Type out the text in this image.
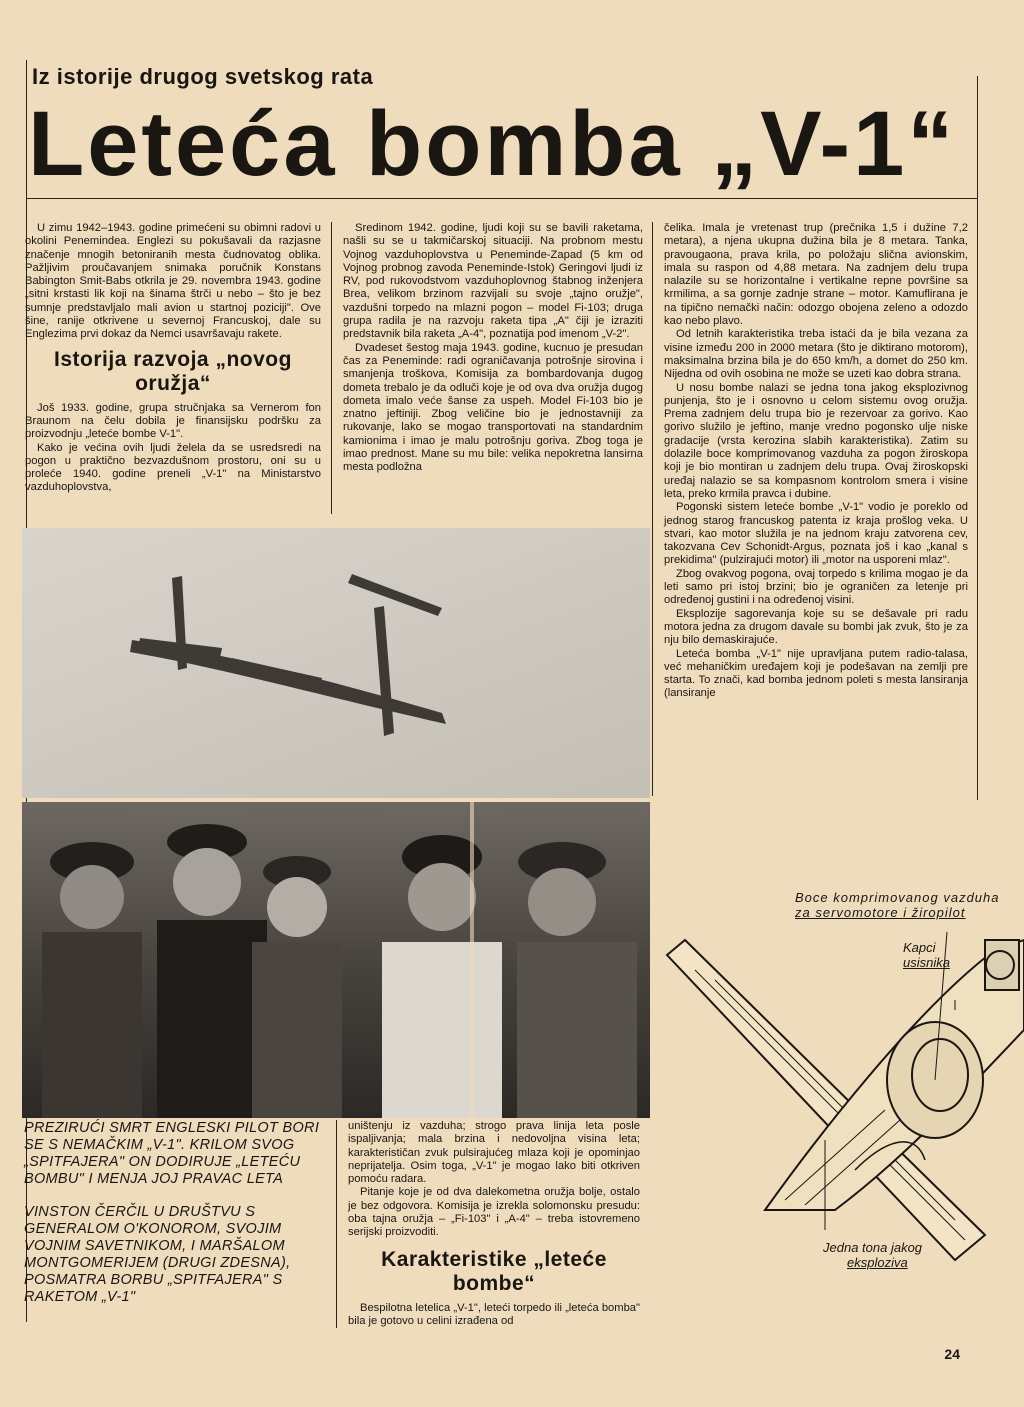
Iz istorije drugog svetskog rata
Leteća bomba „V-1“

U zimu 1942–1943. godine primećeni su obimni radovi u okolini Penemindea. Englezi su pokušavali da razjasne značenje mnogih betoniranih mesta čudnovatog oblika. Pažljivim proučavanjem snimaka poručnik Konstans Babington Smit-Babs otkrila je 29. novembra 1943. godine „sitni krstasti lik koji na šinama štrči u nebo – što je bez sumnje predstavljalo mali avion u startnoj poziciji". Ove šine, ranije otkrivene u severnoj Francuskoj, dale su Englezima prvi dokaz da Nemci usavršavaju rakete.

Istorija razvoja „novog oružja“

Još 1933. godine, grupa stručnjaka sa Vernerom fon Braunom na čelu dobila je finansijsku podršku za proizvodnju „leteće bombe V-1".

Kako je većina ovih ljudi želela da se usredsredi na pogon u praktično bezvazdušnom prostoru, oni su u proleće 1940. godine preneli „V-1" na Ministarstvo vazduhoplovstva,

Sredinom 1942. godine, ljudi koji su se bavili raketama, našli su se u takmičarskoj situaciji. Na probnom mestu Vojnog vazduhoplovstva u Peneminde-Zapad (5 km od Vojnog probnog zavoda Peneminde-Istok) Geringovi ljudi iz RV, pod rukovodstvom vazduhoplovnog štabnog inženjera Brea, velikom brzinom razvijali su svoje „tajno oružje", vazdušni torpedo na mlazni pogon – model Fi-103; druga grupa radila je na razvoju raketa tipa „A" čiji je izraziti predstavnik bila raketa „A-4", poznatija pod imenom „V-2".

Dvadeset šestog maja 1943. godine, kucnuo je presudan čas za Peneminde: radi ograničavanja potrošnje sirovina i smanjenja troškova, Komisija za bombardovanja dugog dometa trebalo je da odluči koje je od ova dva oružja dugog dometa imalo veće šanse za uspeh. Model Fi-103 bio je znatno jeftiniji. Zbog veličine bio je jednostavniji za rukovanje, lako se mogao transportovati na standardnim kamionima i imao je malu potrošnju goriva. Zbog toga je imao prednost. Mane su mu bile: velika nepokretna lansirna mesta podložna

čelika. Imala je vretenast trup (prečnika 1,5 i dužine 7,2 metara), a njena ukupna dužina bila je 8 metara. Tanka, pravougaona, prava krila, po položaju slična avionskim, imala su raspon od 4,88 metara. Na zadnjem delu trupa nalazile su se horizontalne i vertikalne repne površine sa krmilima, a sa gornje zadnje strane – motor. Kamuflirana je na tipično nemački način: odozgo obojena zeleno a odozdo kao nebo plavo.

Od letnih karakteristika treba istaći da je bila vezana za visine između 200 in 2000 metara (što je diktirano motorom), maksimalna brzina bila je do 650 km/h, a domet do 250 km. Nijedna od ovih osobina ne može se uzeti kao dobra strana.

U nosu bombe nalazi se jedna tona jakog eksplozivnog punjenja, što je i osnovno u celom sistemu ovog oružja. Prema zadnjem delu trupa bio je rezervoar za gorivo. Kao gorivo služilo je jeftino, manje vredno pogonsko ulje niske gradacije (vrsta kerozina slabih karakteristika). Zatim su dolazile boce komprimovanog vazduha za pogon žiroskopa koji je bio montiran u zadnjem delu trupa. Ovaj žiroskopski uređaj nalazio se sa kompasnom kontrolom smera i visine leta, preko krmila pravca i dubine.

Pogonski sistem leteće bombe „V-1" vodio je poreklo od jednog starog francuskog patenta iz kraja prošlog veka. U stvari, kao motor služila je na jednom kraju zatvorena cev, takozvana Cev Schonidt-Argus, poznata još i kao „kanal s prekidima" (pulzirajući motor) ili „motor na usporeni mlaz".

Zbog ovakvog pogona, ovaj torpedo s krilima mogao je da leti samo pri istoj brzini; bio je ograničen za letenje pri određenoj gustini i na određenoj visini.

Eksplozije sagorevanja koje su se dešavale pri radu motora jedna za drugom davale su bombi jak zvuk, što je za nju bilo demaskirajuće.

Leteća bomba „V-1" nije upravljana putem radio-talasa, već mehaničkim uređajem koji je podešavan na zemlji pre starta. To znači, kad bomba jednom poleti s mesta lansiranja (lansiranje

PREZIRUĆI SMRT ENGLESKI PILOT BORI SE S NEMAČKIM „V-1". KRILOM SVOG „SPITFAJERA" ON DODIRUJE „LETEĆU BOMBU" I MENJA JOJ PRAVAC LETA

VINSTON ČERČIL U DRUŠTVU S GENERALOM O'KONOROM, SVOJIM VOJNIM SAVETNIKOM, I MARŠALOM MONTGOMERIJEM (DRUGI ZDESNA), POSMATRA BORBU „SPITFAJERA" S RAKETOM „V-1"

uništenju iz vazduha; strogo prava linija leta posle ispaljivanja; mala brzina i nedovoljna visina leta; karakterističan zvuk pulsirajućeg mlaza koji je opominjao neprijatelja. Osim toga, „V-1" je mogao lako biti otkriven pomoću radara.

Pitanje koje je od dva dalekometna oružja bolje, ostalo je bez odgovora. Komisija je izrekla solomonsku presudu: oba tajna oružja – „Fi-103" i „A-4" – treba istovremeno serijski proizvoditi.

Karakteristike „leteće bombe“

Bespilotna letelica „V-1", leteći torpedo ili „leteća bomba" bila je gotovo u celini izrađena od

Boce komprimovanog vazduha
za servomotore i žiropilot
Kapci
usisnika
Jedna tona jakog
eksploziva
24
